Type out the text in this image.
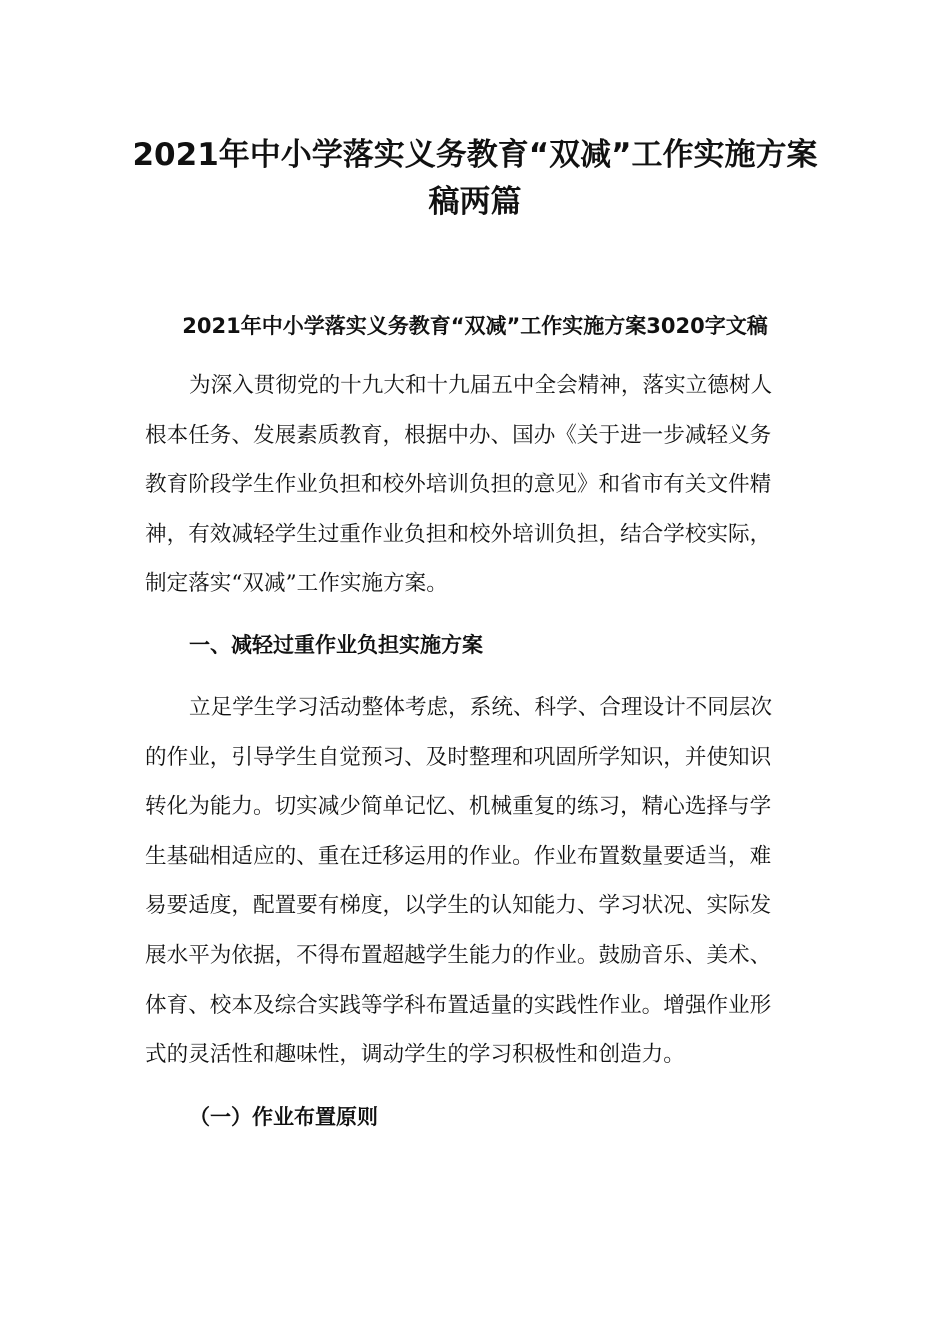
2021年中小学落实义务教育“双减”工作实施方案
稿两篇
2021年中小学落实义务教育“双减”工作实施方案3020字文稿
为深入贯彻党的十九大和十九届五中全会精神，落实立德树人
根本任务、发展素质教育，根据中办、国办《关于进一步减轻义务
教育阶段学生作业负担和校外培训负担的意见》和省市有关文件精
神，有效减轻学生过重作业负担和校外培训负担，结合学校实际，
制定落实“双减”工作实施方案。
一、减轻过重作业负担实施方案
立足学生学习活动整体考虑，系统、科学、合理设计不同层次
的作业，引导学生自觉预习、及时整理和巩固所学知识，并使知识
转化为能力。切实减少简单记忆、机械重复的练习，精心选择与学
生基础相适应的、重在迁移运用的作业。作业布置数量要适当，难
易要适度，配置要有梯度，以学生的认知能力、学习状况、实际发
展水平为依据，不得布置超越学生能力的作业。鼓励音乐、美术、
体育、校本及综合实践等学科布置适量的实践性作业。增强作业形
式的灵活性和趣味性，调动学生的学习积极性和创造力。
（一）作业布置原则
